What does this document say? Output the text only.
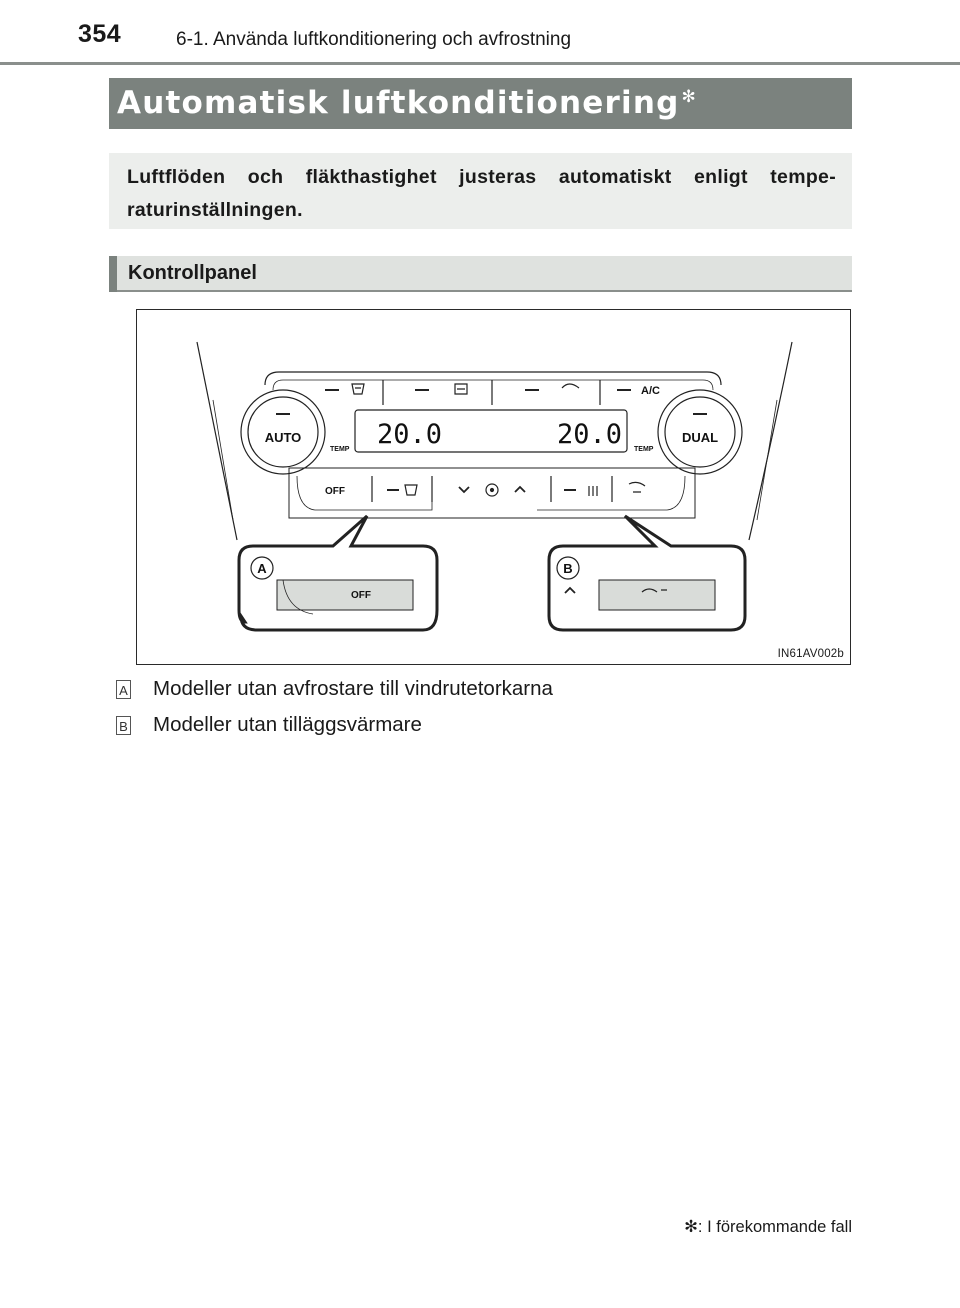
354	6-1. Använda luftkonditionering och avfrostning
Automatisk luftkonditionering ✻
Luftflöden och fläkthastighet justeras automatiskt enligt tempe-raturinställningen.
Kontrollpanel
AUTO	DUAL
TEMP	TEMP
20.0	20.0
A/C
OFF
OFF
A	B
IN61AV002b
A Modeller utan avfrostare till vindrutetorkarna
B Modeller utan tilläggsvärmare
✻: I förekommande fall
